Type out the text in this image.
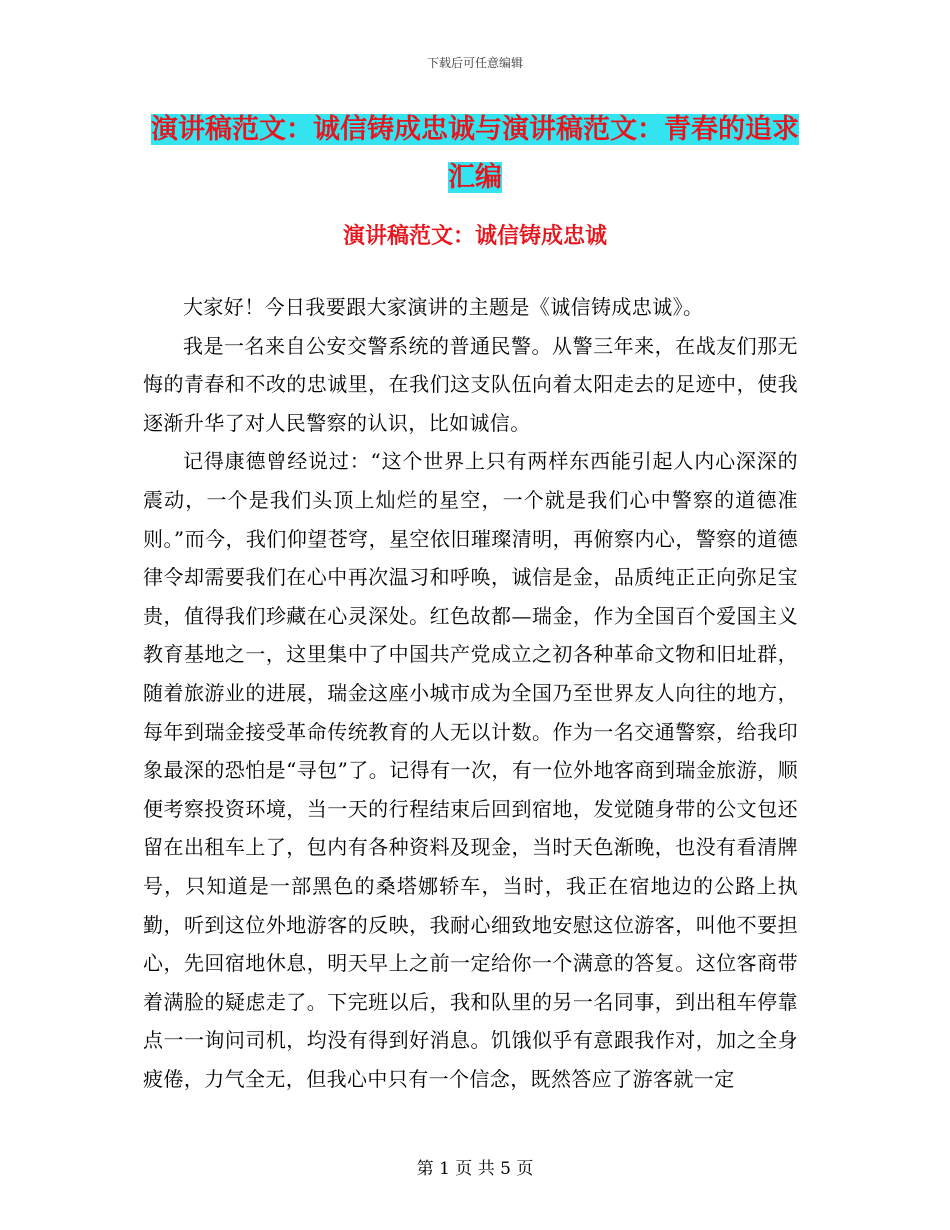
下载后可任意编辑
演讲稿范文：诚信铸成忠诚与演讲稿范文：青春的追求汇编
演讲稿范文：诚信铸成忠诚

大家好！今日我要跟大家演讲的主题是《诚信铸成忠诚》。

我是一名来自公安交警系统的普通民警。从警三年来，在战友们那无悔的青春和不改的忠诚里，在我们这支队伍向着太阳走去的足迹中，使我逐渐升华了对人民警察的认识，比如诚信。

记得康德曾经说过：“这个世界上只有两样东西能引起人内心深深的震动，一个是我们头顶上灿烂的星空，一个就是我们心中警察的道德准则。”而今，我们仰望苍穹，星空依旧璀璨清明，再俯察内心，警察的道德律令却需要我们在心中再次温习和呼唤，诚信是金，品质纯正正向弥足宝贵，值得我们珍藏在心灵深处。红色故都—瑞金，作为全国百个爱国主义教育基地之一，这里集中了中国共产党成立之初各种革命文物和旧址群，随着旅游业的进展，瑞金这座小城市成为全国乃至世界友人向往的地方，每年到瑞金接受革命传统教育的人无以计数。作为一名交通警察，给我印象最深的恐怕是“寻包”了。记得有一次，有一位外地客商到瑞金旅游，顺便考察投资环境，当一天的行程结束后回到宿地，发觉随身带的公文包还留在出租车上了，包内有各种资料及现金，当时天色渐晚，也没有看清牌号，只知道是一部黑色的桑塔娜轿车，当时，我正在宿地边的公路上执勤，听到这位外地游客的反映，我耐心细致地安慰这位游客，叫他不要担心，先回宿地休息，明天早上之前一定给你一个满意的答复。这位客商带着满脸的疑虑走了。下完班以后，我和队里的另一名同事，到出租车停靠点一一询问司机，均没有得到好消息。饥饿似乎有意跟我作对，加之全身疲倦，力气全无，但我心中只有一个信念，既然答应了游客就一定

第 1 页 共 5 页
